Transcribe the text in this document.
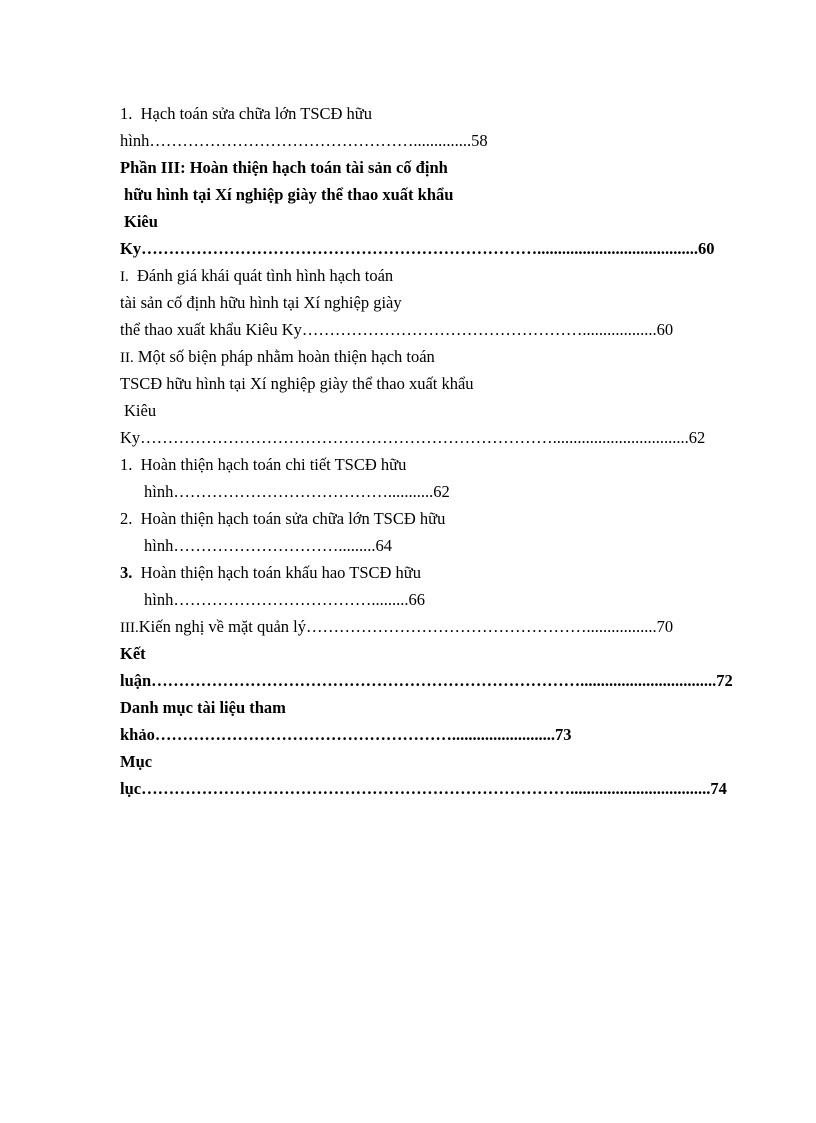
1. Hạch toán sửa chữa lớn TSCĐ hữu
hình…………………………………………..............58
Phần III: Hoàn thiện hạch toán tài sản cố định
hữu hình tại Xí nghiệp giày thể thao xuất khẩu
Kiêu
Ky……………………………………………………………….......................................60
I. Đánh giá khái quát tình hình hạch toán
tài sản cố định hữu hình tại Xí nghiệp giày
thể thao xuất khẩu Kiêu Ky……………………………………………..................60
II. Một số biện pháp nhằm hoàn thiện hạch toán
TSCĐ hữu hình tại Xí nghiệp giày thể thao xuất khẩu
Kiêu
Ky………………………………………………………………….................................62
1. Hoàn thiện hạch toán chi tiết TSCĐ hữu
hình…………………………………...........62
2. Hoàn thiện hạch toán sửa chữa lớn TSCĐ hữu
hình………………………….........64
3. Hoàn thiện hạch toán khấu hao TSCĐ hữu
hình……………………………….........66
III.Kiến nghị về mặt quản lý…………………………………………….................70
Kết
luận…………………………………………………………………….................................72
Danh mục tài liệu tham
khảo……………………………………………….........................73
Mục
lục……………………………………………………………………..................................74
